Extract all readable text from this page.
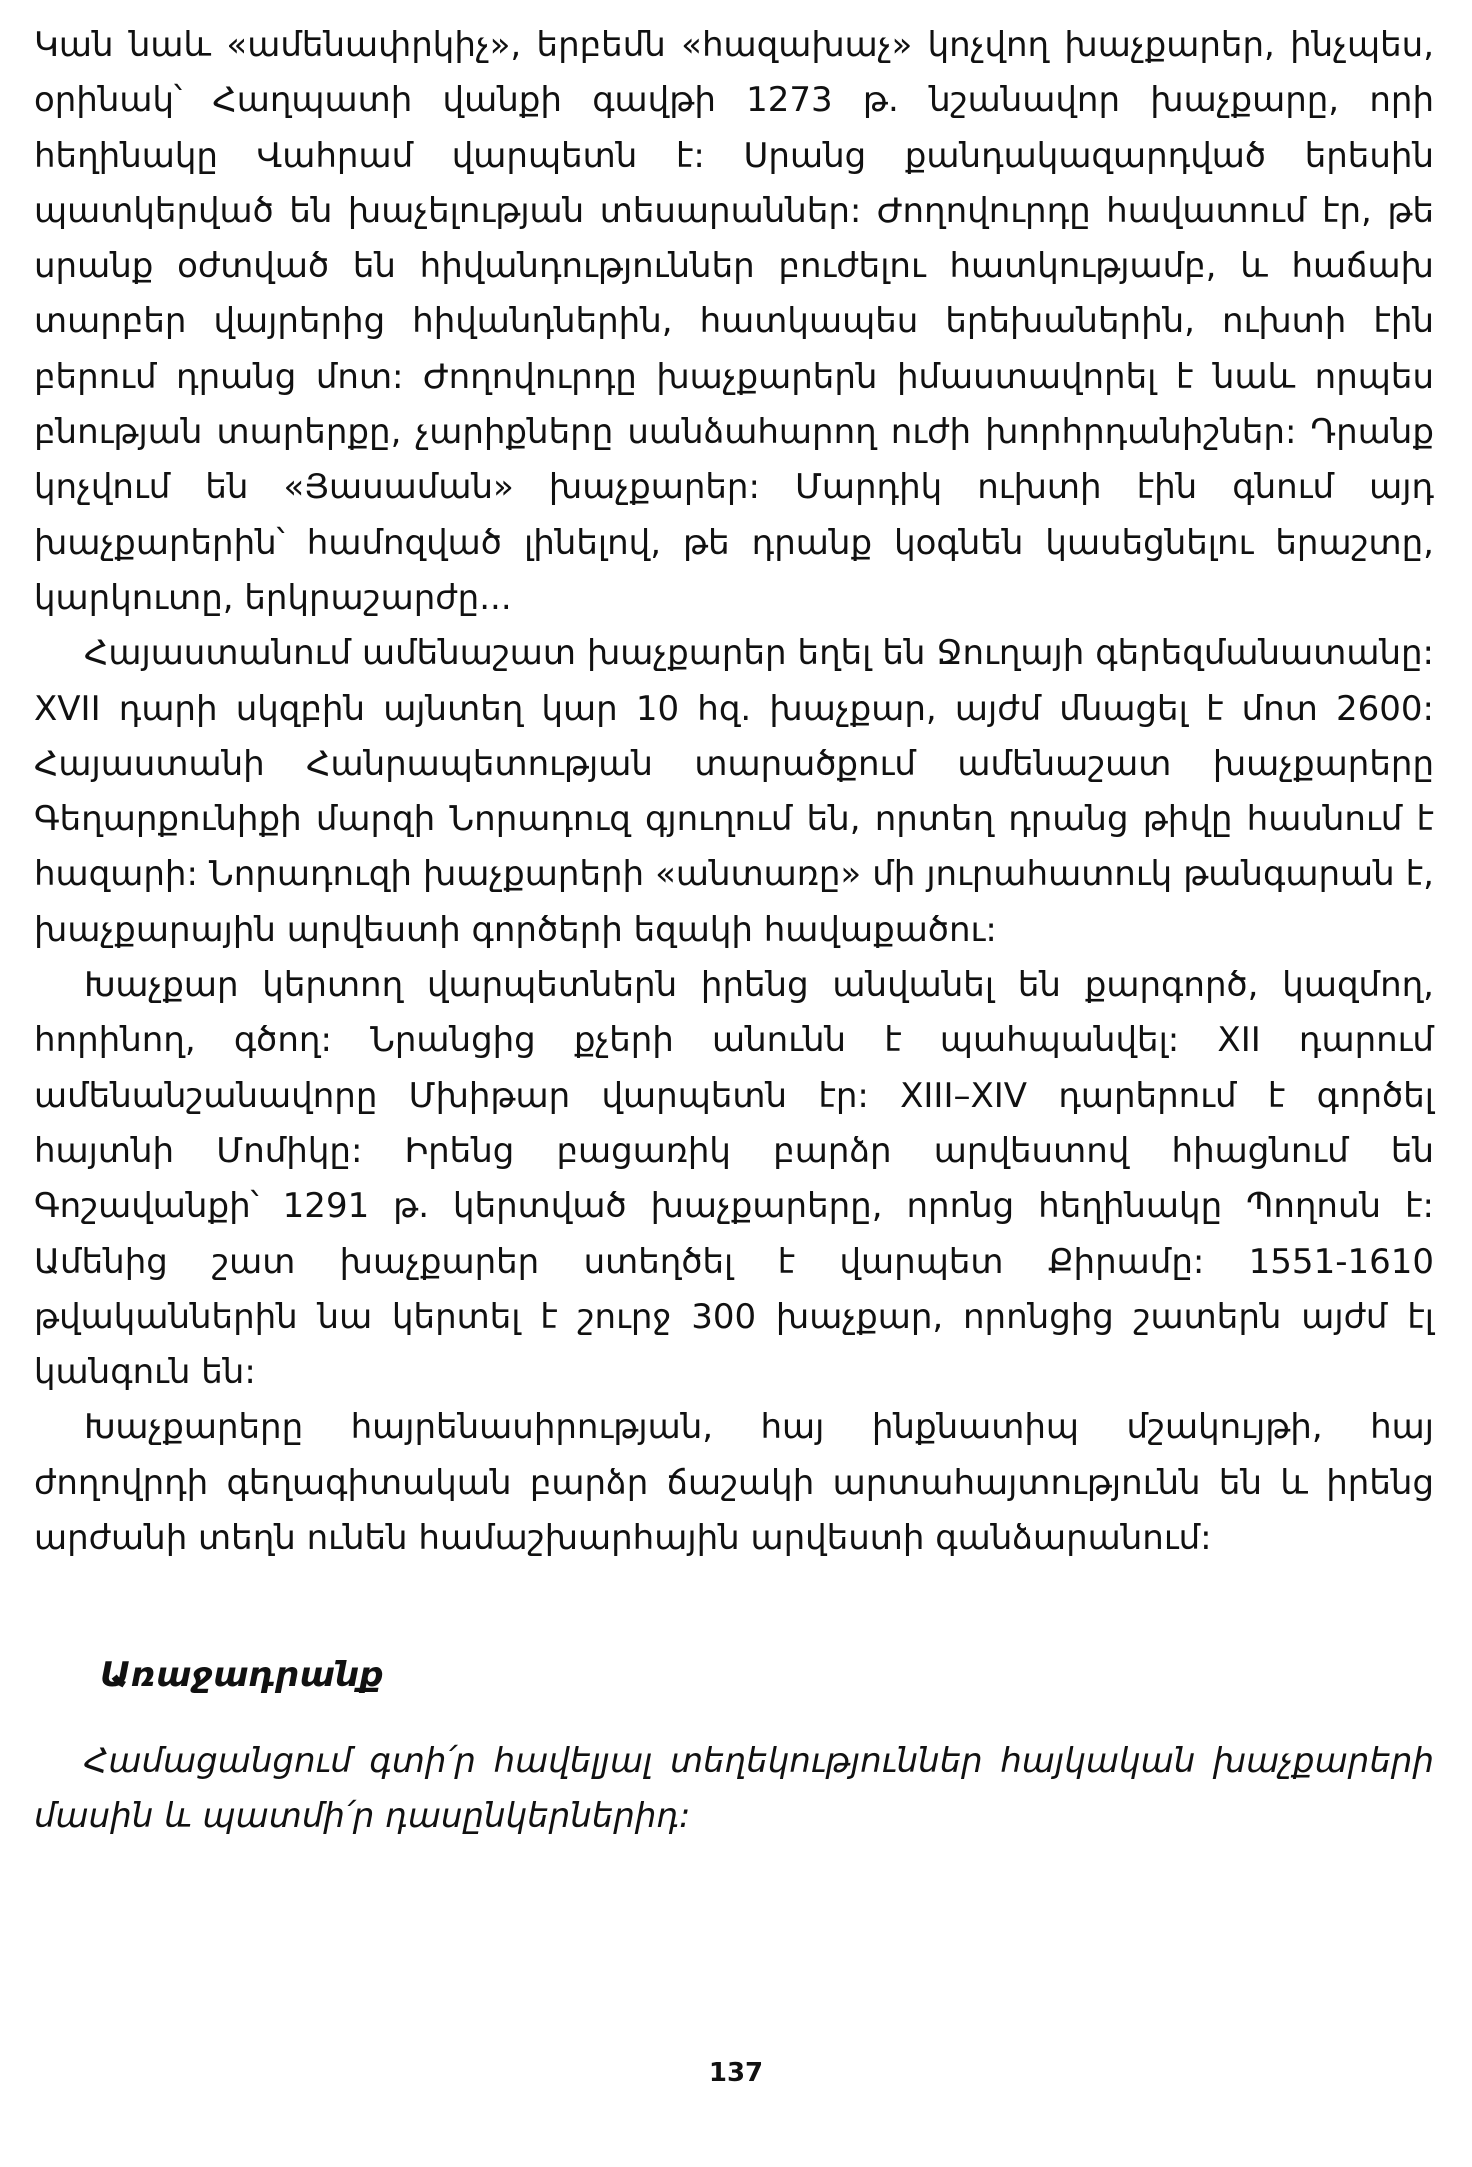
Կան նաև «ամենափրկիչ», երբեմն «հազախաչ» կոչվող խաչքարեր, ինչպես, օրինակ՝ Հաղպատի վանքի գավթի 1273 թ. նշանավոր խաչքարը, որի հեղինակը Վահրամ վարպետն է: Սրանց քանդակազարդված երեսին պատկերված են խաչելության տեսարաններ: Ժողովուրդը հավատում էր, թե սրանք օժտված են հիվանդություններ բուժելու հատկությամբ, և հաճախ տարբեր վայրերից հիվանդներին, հատկապես երեխաներին, ուխտի էին բերում դրանց մոտ: Ժողովուրդը խաչքարերն իմաստավորել է նաև որպես բնության տարերքը, չարիքները սանձահարող ուժի խորհրդանիշներ: Դրանք կոչվում են «Յասաման» խաչքարեր: Մարդիկ ուխտի էին գնում այդ խաչքարերին՝ համոզված լինելով, թե դրանք կօգնեն կասեցնելու երաշտը, կարկուտը, երկրաշարժը...

Հայաստանում ամենաշատ խաչքարեր եղել են Ջուղայի գերեզմանատանը: XVII դարի սկզբին այնտեղ կար 10 հզ. խաչքար, այժմ մնացել է մոտ 2600: Հայաստանի Հանրապետության տարածքում ամենաշատ խաչքարերը Գեղարքունիքի մարզի Նորադուզ գյուղում են, որտեղ դրանց թիվը հասնում է հազարի: Նորադուզի խաչքարերի «անտառը» մի յուրահատուկ թանգարան է, խաչքարային արվեստի գործերի եզակի հավաքածու:

Խաչքար կերտող վարպետներն իրենց անվանել են քարգործ, կազմող, հորինող, գծող: Նրանցից քչերի անունն է պահպանվել: XII դարում ամենանշանավորը Մխիթար վարպետն էր: XIII–XIV դարերում է գործել հայտնի Մոմիկը: Իրենց բացառիկ բարձր արվեստով հիացնում են Գոշավանքի՝ 1291 թ. կերտված խաչքարերը, որոնց հեղինակը Պողոսն է: Ամենից շատ խաչքարեր ստեղծել է վարպետ Քիրամը: 1551-1610 թվականներին նա կերտել է շուրջ 300 խաչքար, որոնցից շատերն այժմ էլ կանգուն են:

Խաչքարերը հայրենասիրության, հայ ինքնատիպ մշակույթի, հայ ժողովրդի գեղագիտական բարձր ճաշակի արտահայտությունն են և իրենց արժանի տեղն ունեն համաշխարհային արվեստի գանձարանում:

Առաջադրանք

Համացանցում գտի՛ր հավելյալ տեղեկություններ հայկական խաչքարերի մասին և պատմի՛ր դասընկերներիդ:

137
